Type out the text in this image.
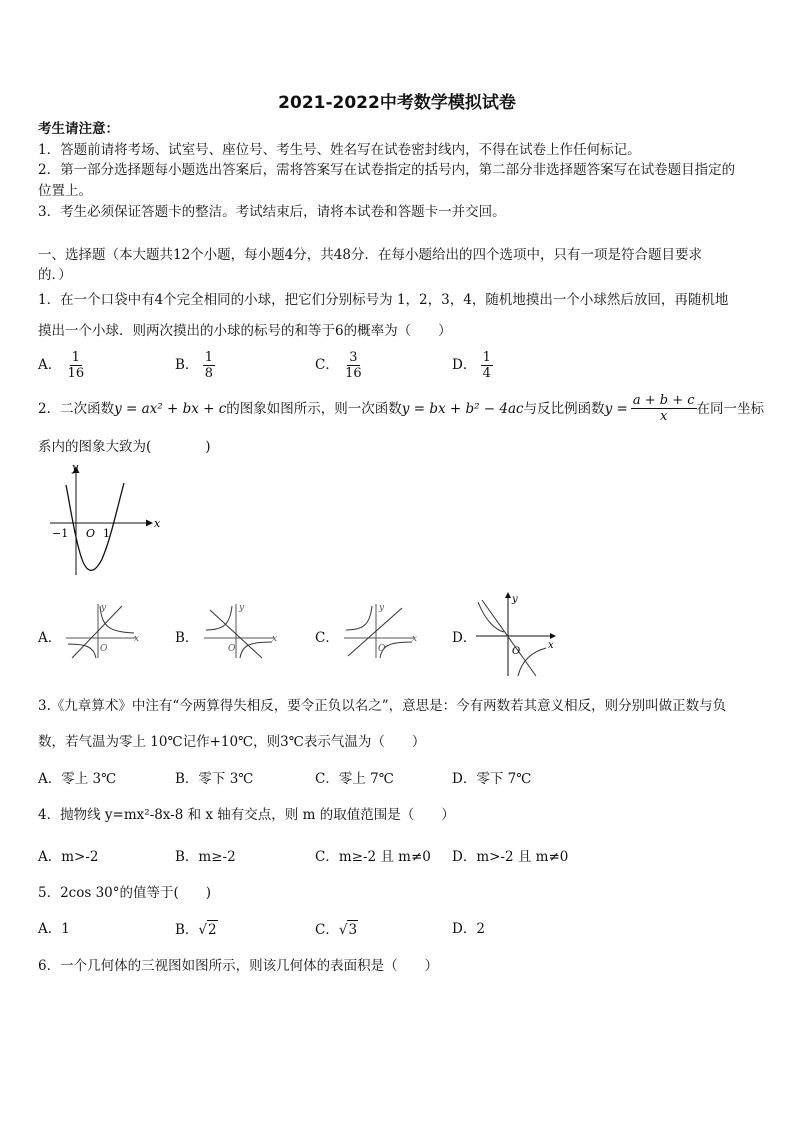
2021-2022中考数学模拟试卷
考生请注意：
1．答题前请将考场、试室号、座位号、考生号、姓名写在试卷密封线内，不得在试卷上作任何标记。
2．第一部分选择题每小题选出答案后，需将答案写在试卷指定的括号内，第二部分非选择题答案写在试卷题目指定的
位置上。
3．考生必须保证答题卡的整洁。考试结束后，请将本试卷和答题卡一并交回。
一、选择题（本大题共12个小题，每小题4分，共48分．在每小题给出的四个选项中，只有一项是符合题目要求
的．）
1．在一个口袋中有4个完全相同的小球，把它们分别标号为 1，2，3，4，随机地摸出一个小球然后放回，再随机地
摸出一个小球．则两次摸出的小球的标号的和等于6的概率为（　　）
A． $\frac{1}{16}$	B． $\frac{1}{8}$	C． $\frac{3}{16}$	D． $\frac{1}{4}$
2．二次函数 y = ax² + bx + c 的图象如图所示，则一次函数 y = bx + b² − 4ac 与反比例函数 $y = \frac{a + b + c}{x}$ 在同一坐标
系内的图象大致为(　　　　)
y
x
−1 O 1
A．
y
x
O
B．
y
x
O
C．
y
x
O
D．
y
x
O
3.《九章算术》中注有“今两算得失相反，要令正负以名之”，意思是：今有两数若其意义相反，则分别叫做正数与负
数，若气温为零上 10℃记作+10℃，则3℃表示气温为（　　）
A．零上 3℃	B．零下 3℃	C．零上 7℃	D．零下 7℃
4．抛物线 y=mx²-8x-8 和 x 轴有交点，则 m 的取值范围是（　　）
A．m>-2	B．m≥-2	C．m≥-2 且 m≠0 D．m>-2 且 m≠0
5．2cos 30°的值等于(　　)
A．1	B． √ 2	C． √ 3	D．2
6．一个几何体的三视图如图所示，则该几何体的表面积是（　　）
